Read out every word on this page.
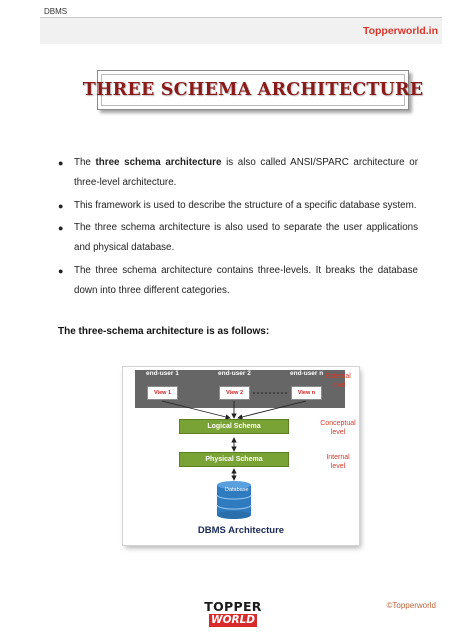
DBMS
Topperworld.in
THREE SCHEMA ARCHITECTURE
● The three schema architecture is also called ANSI/SPARC architecture or three-level architecture.
● This framework is used to describe the structure of a specific database system.
● The three schema architecture is also used to separate the user applications and physical database.
● The three schema architecture contains three-levels. It breaks the database down into three different categories.
The three-schema architecture is as follows:
end-user 1	end-user 2	end-user n
View 1	View 2	View n
Logical Schema
Physical Schema
Database
External
level
Conceptual
level
Internal
level
DBMS Architecture
TOPPER
WORLD
©Topperworld
